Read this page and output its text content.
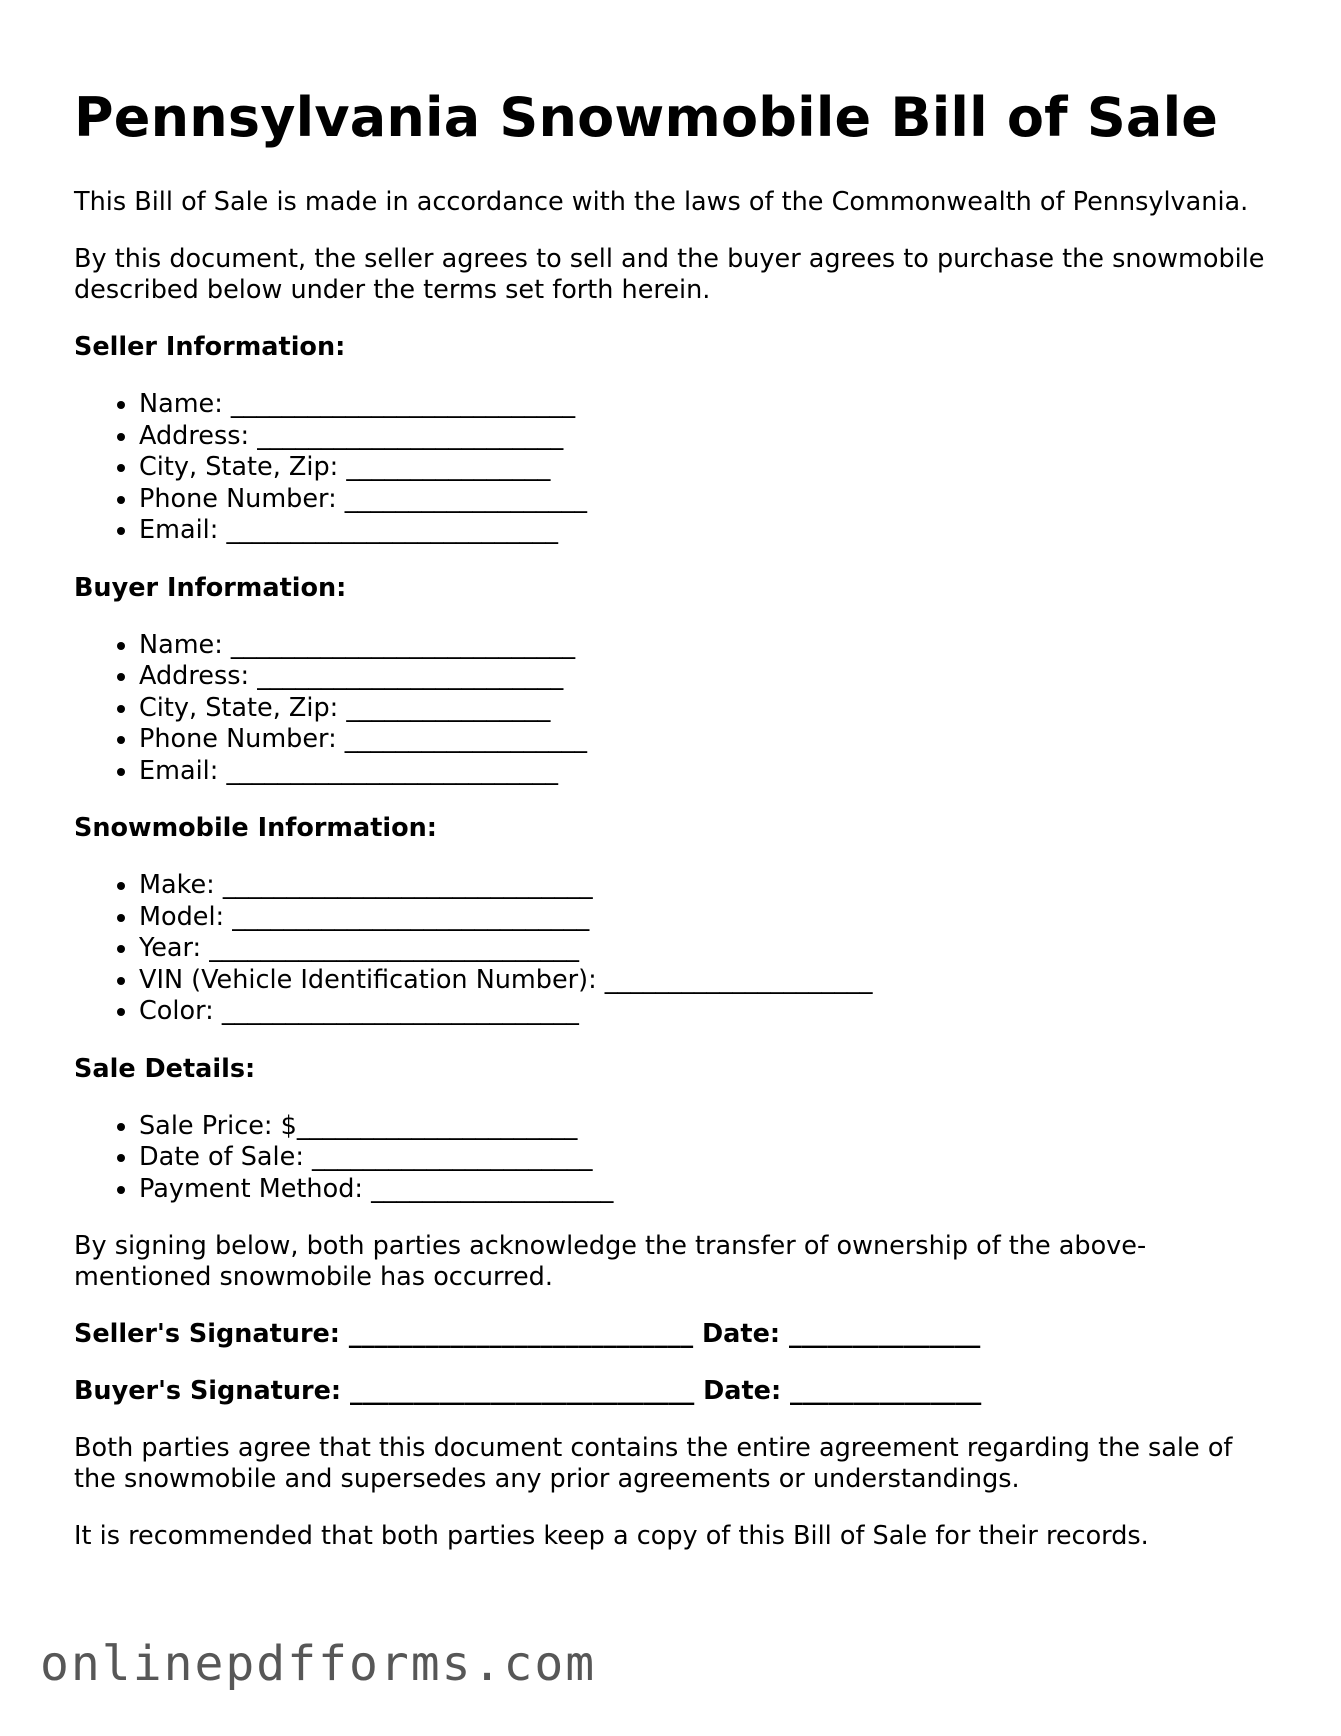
Pennsylvania Snowmobile Bill of Sale

This Bill of Sale is made in accordance with the laws of the Commonwealth of Pennsylvania.

By this document, the seller agrees to sell and the buyer agrees to purchase the snowmobile described below under the terms set forth herein.

Seller Information:
• Name: ___________________________
• Address: ________________________
• City, State, Zip: ________________
• Phone Number: ___________________
• Email: __________________________
Buyer Information:
• Name: ___________________________
• Address: ________________________
• City, State, Zip: ________________
• Phone Number: ___________________
• Email: __________________________
Snowmobile Information:
• Make: _____________________________
• Model: ____________________________
• Year: _____________________________
• VIN (Vehicle Identification Number): _____________________
• Color: ____________________________
Sale Details:
• Sale Price: $______________________
• Date of Sale: ______________________
• Payment Method: ___________________

By signing below, both parties acknowledge the transfer of ownership of the above-mentioned snowmobile has occurred.

Seller's Signature: ___________________________ Date: _______________
Buyer's Signature: ___________________________ Date: _______________

Both parties agree that this document contains the entire agreement regarding the sale of the snowmobile and supersedes any prior agreements or understandings.

It is recommended that both parties keep a copy of this Bill of Sale for their records.

onlinepdfforms.com
